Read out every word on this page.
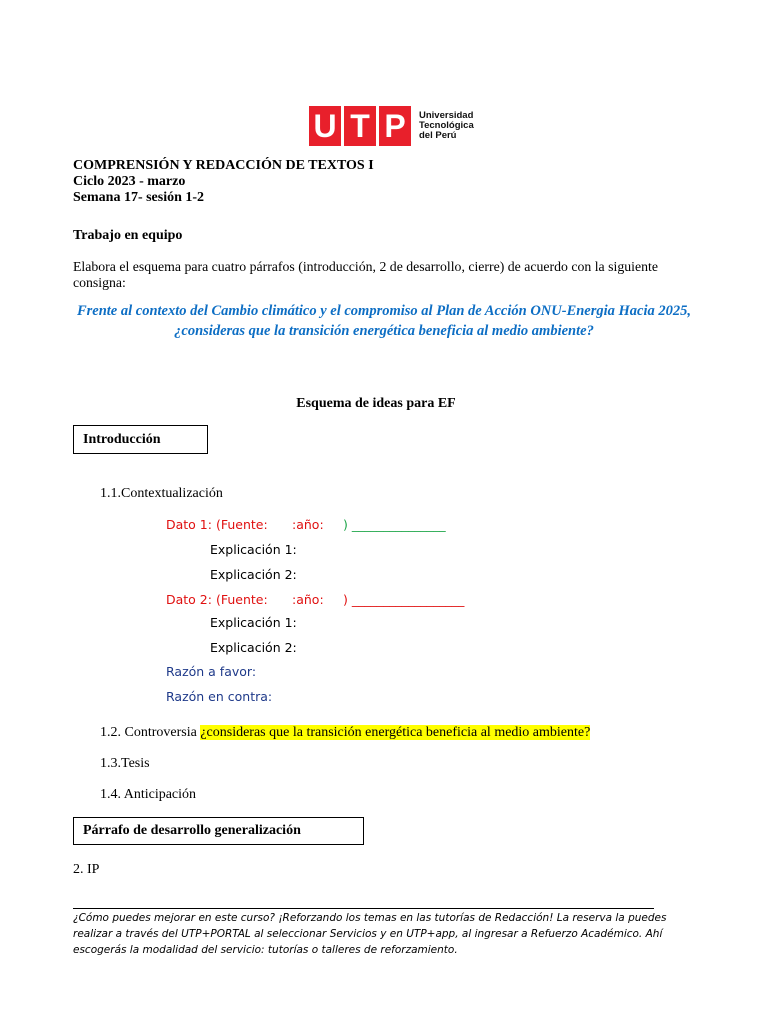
U T P	Universidad
Tecnológica
del Perú
COMPRENSIÓN Y REDACCIÓN DE TEXTOS I
Ciclo 2023 - marzo
Semana 17- sesión 1-2
Trabajo en equipo
Elabora el esquema para cuatro párrafos (introducción, 2 de desarrollo, cierre) de acuerdo con la siguiente
consigna:
Frente al contexto del Cambio climático y el compromiso al Plan de Acción ONU-Energia Hacia 2025,
¿consideras que la transición energética beneficia al medio ambiente?
Esquema de ideas para EF
Introducción
1.1.Contextualización
Dato 1: (Fuente: :año: ) _______________
Explicación 1:
Explicación 2:
Dato 2: (Fuente: :año: ) __________________
Explicación 1:
Explicación 2:
Razón a favor:
Razón en contra:
1.2. Controversia ¿consideras que la transición energética beneficia al medio ambiente?
1.3.Tesis
1.4. Anticipación
Párrafo de desarrollo generalización
2. IP
¿Cómo puedes mejorar en este curso? ¡Reforzando los temas en las tutorías de Redacción! La reserva la puedes
realizar a través del UTP+PORTAL al seleccionar Servicios y en UTP+app, al ingresar a Refuerzo Académico. Ahí
escogerás la modalidad del servicio: tutorías o talleres de reforzamiento.
